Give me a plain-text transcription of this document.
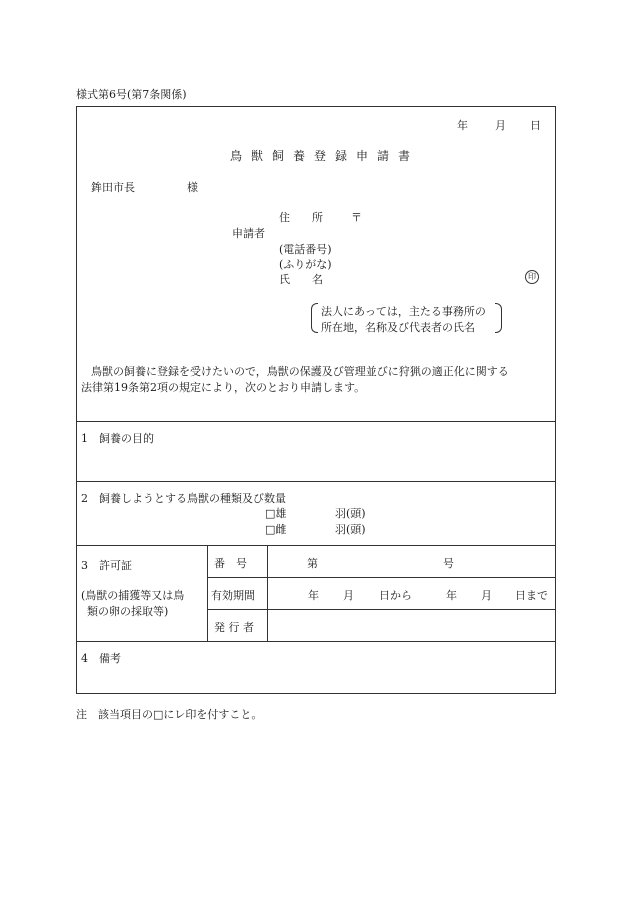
様式第6号(第7条関係)
年 月 日
鳥獣飼養登録申請書
鉾田市長	様
住　　所	〒
申請者
(電話番号)
(ふりがな)
氏　　名	印
法人にあっては，主たる事務所の
所在地，名称及び代表者の氏名
鳥獣の飼養に登録を受けたいので，鳥獣の保護及び管理並びに狩猟の適正化に関する
法律第19条第2項の規定により，次のとおり申請します。
1　飼養の目的
2　飼養しようとする鳥獣の種類及び数量
□雄	羽(頭)
□雌	羽(頭)
3　許可証
(鳥獣の捕獲等又は鳥
類の卵の採取等)
番　号	第	号
有効期間	年 月 日から	年 月 日まで
発 行 者
4　備考
注　該当項目の□にレ印を付すこと。
